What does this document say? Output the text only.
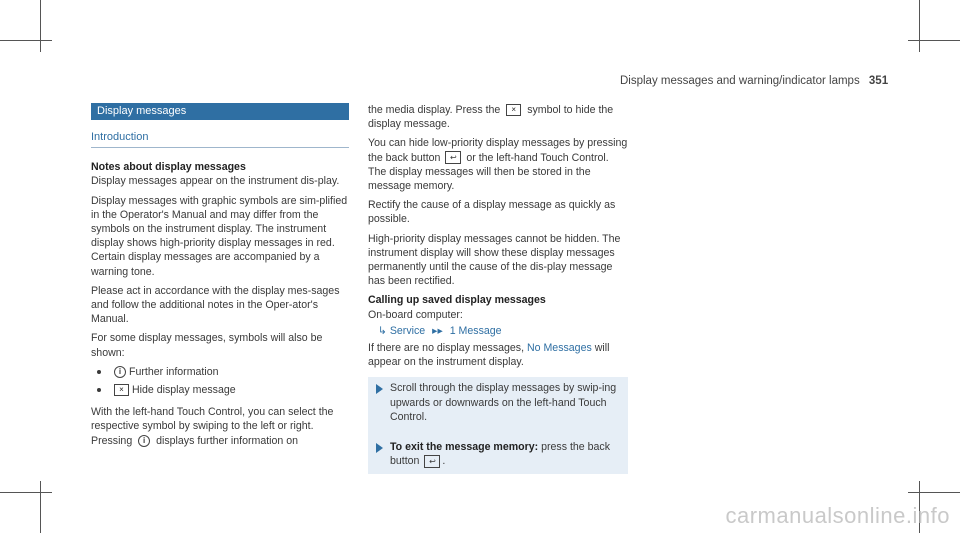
Display messages and warning/indicator lamps 351
Display messages
Introduction
Notes about display messages

Display messages appear on the instrument dis-play.

Display messages with graphic symbols are sim-plified in the Operator's Manual and may differ from the symbols on the instrument display. The instrument display shows high-priority display messages in red. Certain display messages are accompanied by a warning tone.

Please act in accordance with the display mes-sages and follow the additional notes in the Oper-ator's Manual.

For some display messages, symbols will also be shown:

i Further information
× Hide display message

With the left-hand Touch Control, you can select the respective symbol by swiping to the left or right. Pressing i displays further information on

the media display. Press the × symbol to hide the display message.

You can hide low-priority display messages by pressing the back button ↩ or the left-hand Touch Control. The display messages will then be stored in the message memory.

Rectify the cause of a display message as quickly as possible.

High-priority display messages cannot be hidden. The instrument display will show these display messages permanently until the cause of the dis-play message has been rectified.

Calling up saved display messages
On-board computer:
↳ Service ▸▸ 1 Message

If there are no display messages, No Messages will appear on the instrument display.

Scroll through the display messages by swip-ing upwards or downwards on the left-hand Touch Control.
To exit the message memory: press the back button ↩ .
carmanualsonline.info
